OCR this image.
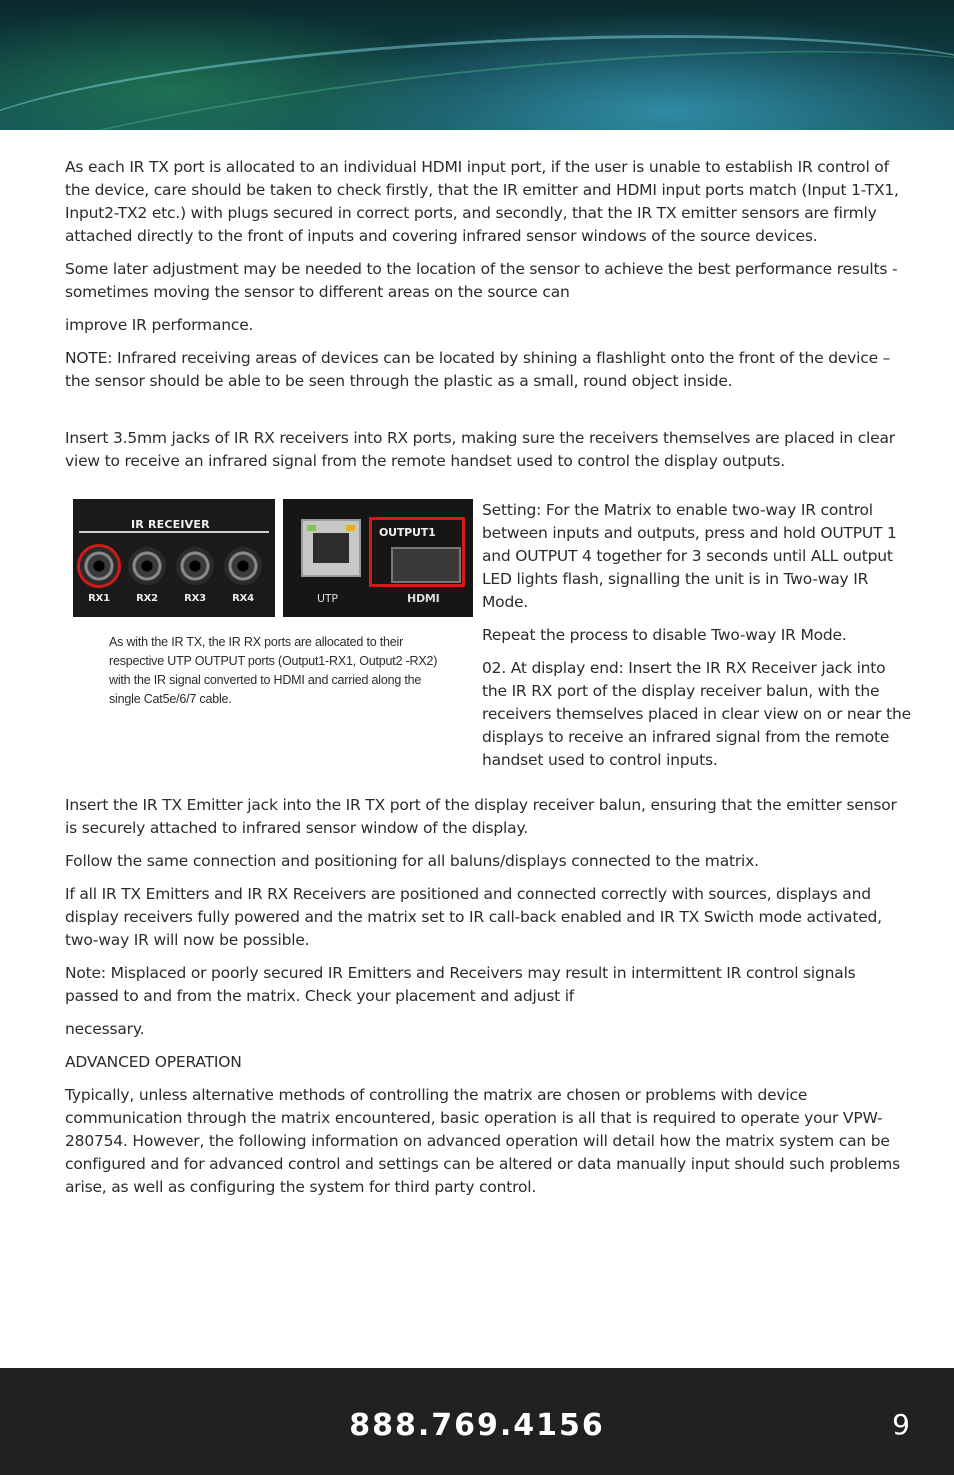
As each IR TX port is allocated to an individual HDMI input port, if the user is unable to establish IR control of the device, care should be taken to check firstly, that the IR emitter and HDMI input ports match (Input 1-TX1, Input2-TX2 etc.) with plugs secured in correct ports, and secondly, that the IR TX emitter sensors are firmly attached directly to the front of inputs and covering infrared sensor windows of the source devices.

Some later adjustment may be needed to the location of the sensor to achieve the best performance results - sometimes moving the sensor to different areas on the source can

improve IR performance.

NOTE: Infrared receiving areas of devices can be located by shining a flashlight onto the front of the device – the sensor should be able to be seen through the plastic as a small, round object inside.

Insert 3.5mm jacks of IR RX receivers into RX ports, making sure the receivers themselves are placed in clear view to receive an infrared signal from the remote handset used to control the display outputs.

IR RECEIVER
RX1	RX2	RX3	RX4
OUTPUT1
UTP	HDMI
As with the IR TX, the IR RX ports are allocated to their respective UTP OUTPUT ports (Output1-RX1, Output2 -RX2) with the IR signal converted to HDMI and carried along the single Cat5e/6/7 cable.

Setting: For the Matrix to enable two-way IR control between inputs and outputs, press and hold OUTPUT 1 and OUTPUT 4 together for 3 seconds until ALL output LED lights flash, signalling the unit is in Two-way IR Mode.

Repeat the process to disable Two-way IR Mode.

02. At display end: Insert the IR RX Receiver jack into the IR RX port of the display receiver balun, with the receivers themselves placed in clear view on or near the displays to receive an infrared signal from the remote handset used to control inputs.

Insert the IR TX Emitter jack into the IR TX port of the display receiver balun, ensuring that the emitter sensor is securely attached to infrared sensor window of the display.

Follow the same connection and positioning for all baluns/displays connected to the matrix.

If all IR TX Emitters and IR RX Receivers are positioned and connected correctly with sources, displays and display receivers fully powered and the matrix set to IR call-back enabled and IR TX Swicth mode activated, two-way IR will now be possible.

Note: Misplaced or poorly secured IR Emitters and Receivers may result in intermittent IR control signals passed to and from the matrix. Check your placement and adjust if

necessary.

ADVANCED OPERATION

Typically, unless alternative methods of controlling the matrix are chosen or problems with device communication through the matrix encountered, basic operation is all that is required to operate your VPW-280754. However, the following information on advanced operation will detail how the matrix system can be configured and for advanced control and settings can be altered or data manually input should such problems arise, as well as configuring the system for third party control.

888.769.4156	9
